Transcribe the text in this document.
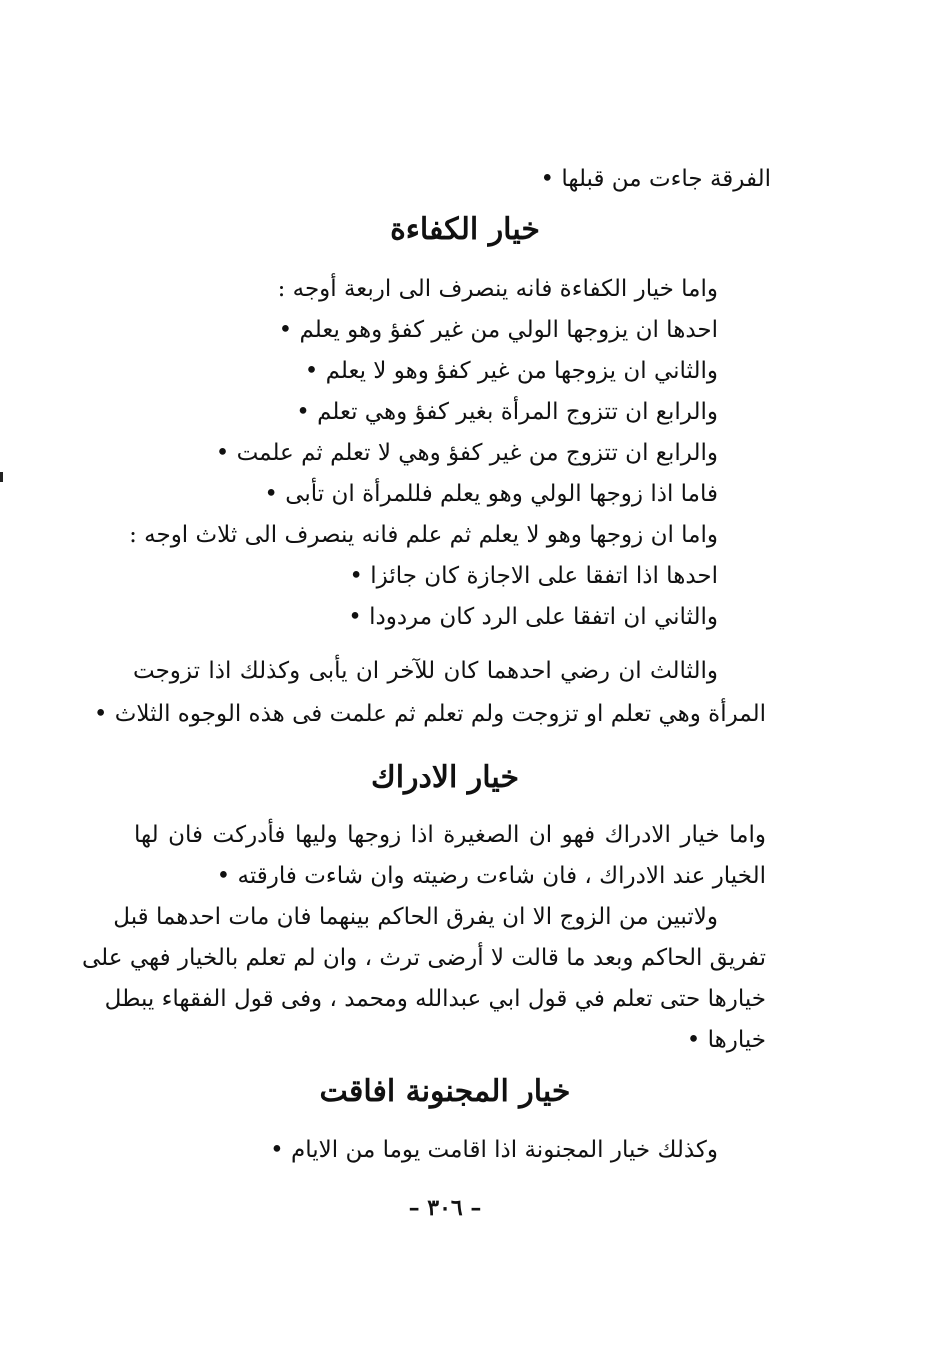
الفرقة جاءت من قبلها •
خيار الكفاءة
واما خيار الكفاءة فانه ينصرف الى اربعة أوجه :
احدها ان يزوجها الولي من غير كفؤ وهو يعلم •
والثاني ان يزوجها من غير كفؤ وهو لا يعلم •
والرابع ان تتزوج المرأة بغير كفؤ وهي تعلم •
والرابع ان تتزوج من غير كفؤ وهي لا تعلم ثم علمت •
فاما اذا زوجها الولي وهو يعلم فللمرأة ان تأبى •
واما ان زوجها وهو لا يعلم ثم علم فانه ينصرف الى ثلاث اوجه :
احدها اذا اتفقا على الاجازة كان جائزا •
والثاني ان اتفقا على الرد كان مردودا •
والثالث ان رضي احدهما كان للآخر ان يأبى وكذلك اذا تزوجت
المرأة وهي تعلم او تزوجت ولم تعلم ثم علمت فى هذه الوجوه الثلاث •
خيار الادراك
واما خيار الادراك فهو ان الصغيرة اذا زوجها وليها فأدركت فان لها
الخيار عند الادراك ، فان شاءت رضيته وان شاءت فارقته •
ولاتبين من الزوج الا ان يفرق الحاكم بينهما فان مات احدهما قبل
تفريق الحاكم وبعد ما قالت لا أرضى ترث ، وان لم تعلم بالخيار فهي على
خيارها حتى تعلم في قول ابي عبدالله ومحمد ، وفى قول الفقهاء يبطل
خيارها •
خيار المجنونة افاقت
وكذلك خيار المجنونة اذا اقامت يوما من الايام •
– ٣٠٦ –
